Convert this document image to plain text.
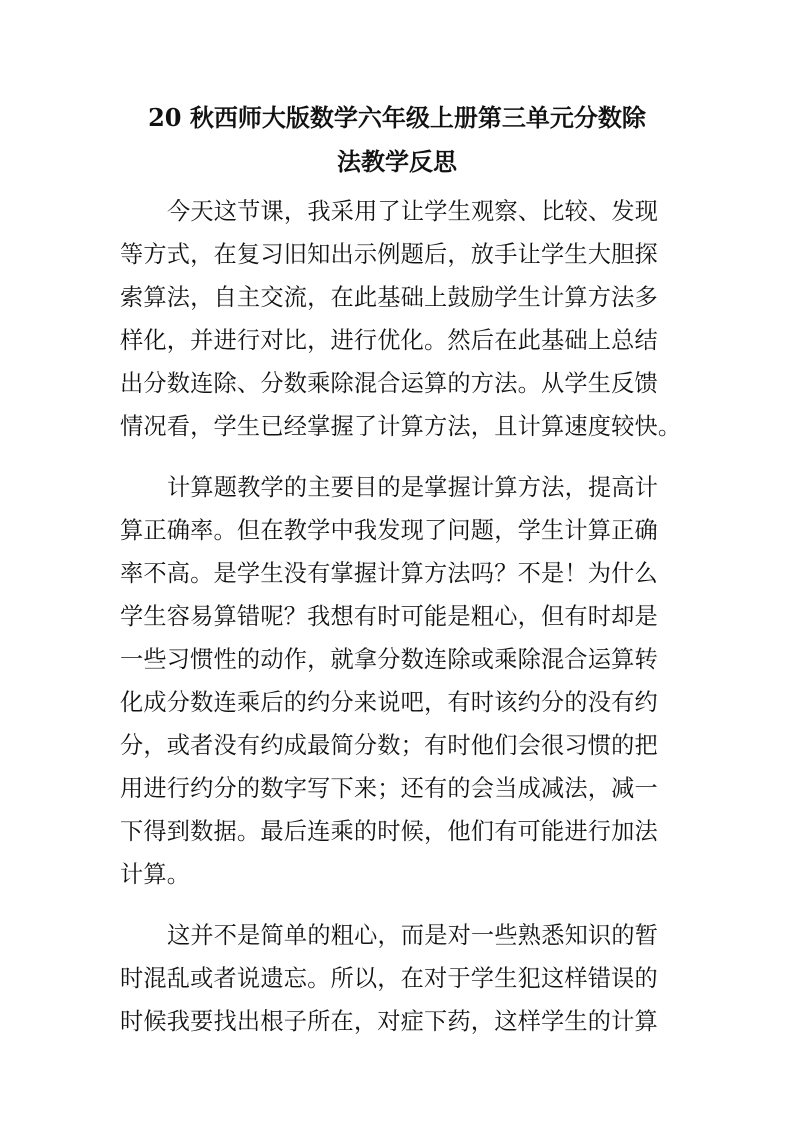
20 秋西师大版数学六年级上册第三单元分数除
法教学反思

今天这节课，我采用了让学生观察、比较、发现
等方式，在复习旧知出示例题后，放手让学生大胆探
索算法，自主交流，在此基础上鼓励学生计算方法多
样化，并进行对比，进行优化。然后在此基础上总结
出分数连除、分数乘除混合运算的方法。从学生反馈
情况看，学生已经掌握了计算方法，且计算速度较快。

计算题教学的主要目的是掌握计算方法，提高计
算正确率。但在教学中我发现了问题，学生计算正确
率不高。是学生没有掌握计算方法吗？不是！为什么
学生容易算错呢？我想有时可能是粗心，但有时却是
一些习惯性的动作，就拿分数连除或乘除混合运算转
化成分数连乘后的约分来说吧，有时该约分的没有约
分，或者没有约成最简分数；有时他们会很习惯的把
用进行约分的数字写下来；还有的会当成减法，减一
下得到数据。最后连乘的时候，他们有可能进行加法
计算。

这并不是简单的粗心，而是对一些熟悉知识的暂
时混乱或者说遗忘。所以，在对于学生犯这样错误的
时候我要找出根子所在，对症下药，这样学生的计算
